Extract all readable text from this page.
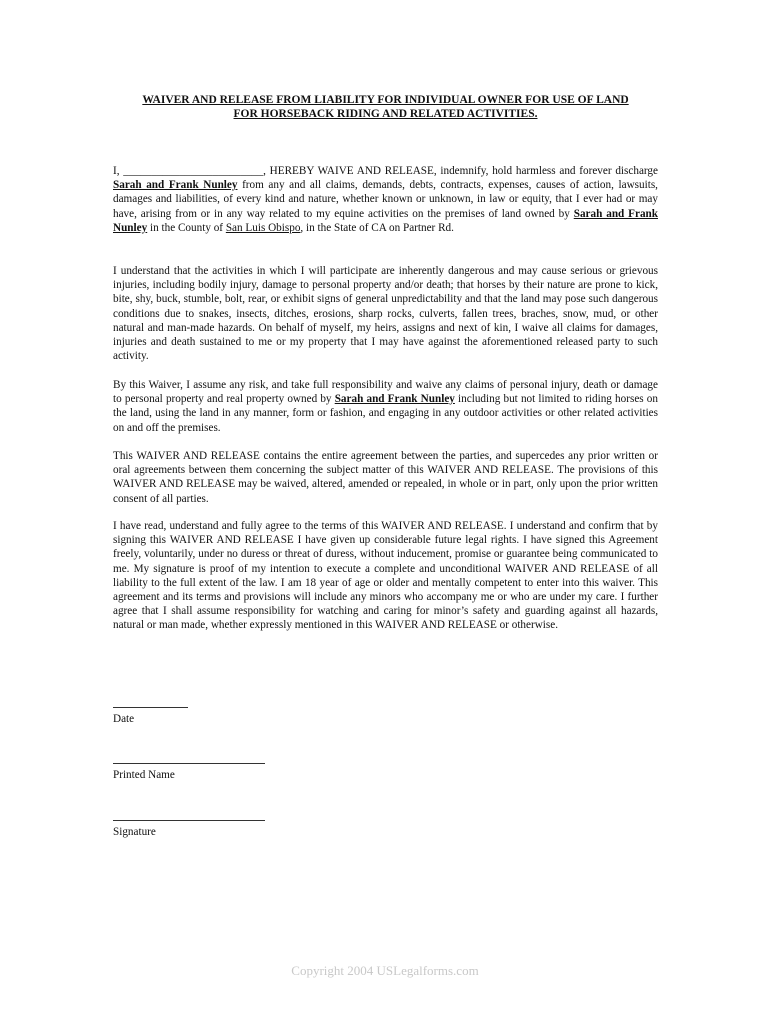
WAIVER AND RELEASE FROM LIABILITY FOR INDIVIDUAL OWNER FOR USE OF LAND
FOR HORSEBACK RIDING AND RELATED ACTIVITIES.

I, _________________________, HEREBY WAIVE AND RELEASE, indemnify, hold harmless and forever discharge Sarah and Frank Nunley from any and all claims, demands, debts, contracts, expenses, causes of action, lawsuits, damages and liabilities, of every kind and nature, whether known or unknown, in law or equity, that I ever had or may have, arising from or in any way related to my equine activities on the premises of land owned by Sarah and Frank Nunley in the County of San Luis Obispo, in the State of CA on Partner Rd.

I understand that the activities in which I will participate are inherently dangerous and may cause serious or grievous injuries, including bodily injury, damage to personal property and/or death; that horses by their nature are prone to kick, bite, shy, buck, stumble, bolt, rear, or exhibit signs of general unpredictability and that the land may pose such dangerous conditions due to snakes, insects, ditches, erosions, sharp rocks, culverts, fallen trees, braches, snow, mud, or other natural and man-made hazards. On behalf of myself, my heirs, assigns and next of kin, I waive all claims for damages, injuries and death sustained to me or my property that I may have against the aforementioned released party to such activity.

By this Waiver, I assume any risk, and take full responsibility and waive any claims of personal injury, death or damage to personal property and real property owned by Sarah and Frank Nunley including but not limited to riding horses on the land, using the land in any manner, form or fashion, and engaging in any outdoor activities or other related activities on and off the premises.

This WAIVER AND RELEASE contains the entire agreement between the parties, and supercedes any prior written or oral agreements between them concerning the subject matter of this WAIVER AND RELEASE. The provisions of this WAIVER AND RELEASE may be waived, altered, amended or repealed, in whole or in part, only upon the prior written consent of all parties.

I have read, understand and fully agree to the terms of this WAIVER AND RELEASE. I understand and confirm that by signing this WAIVER AND RELEASE I have given up considerable future legal rights. I have signed this Agreement freely, voluntarily, under no duress or threat of duress, without inducement, promise or guarantee being communicated to me. My signature is proof of my intention to execute a complete and unconditional WAIVER AND RELEASE of all liability to the full extent of the law. I am 18 year of age or older and mentally competent to enter into this waiver. This agreement and its terms and provisions will include any minors who accompany me or who are under my care. I further agree that I shall assume responsibility for watching and caring for minor’s safety and guarding against all hazards, natural or man made, whether expressly mentioned in this WAIVER AND RELEASE or otherwise.

Date
Printed Name
Signature
Copyright 2004 USLegalforms.com
